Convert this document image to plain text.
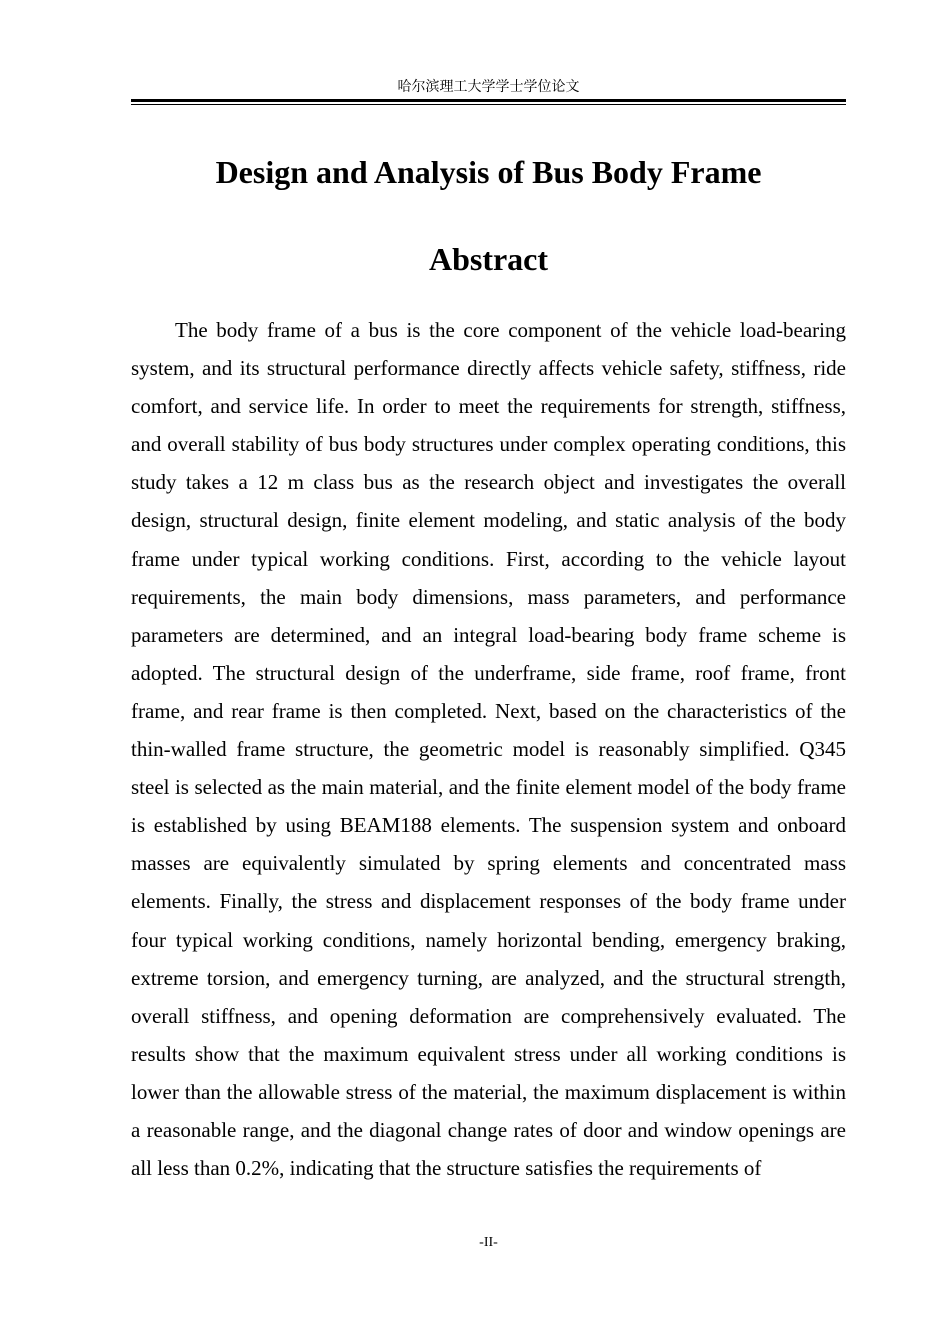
哈尔滨理工大学学士学位论文
Design and Analysis of Bus Body Frame
Abstract

The body frame of a bus is the core component of the vehicle load-bearing system, and its structural performance directly affects vehicle safety, stiffness, ride comfort, and service life. In order to meet the requirements for strength, stiffness, and overall stability of bus body structures under complex operating conditions, this study takes a 12 m class bus as the research object and investigates the overall design, structural design, finite element modeling, and static analysis of the body frame under typical working conditions. First, according to the vehicle layout requirements, the main body dimensions, mass parameters, and performance parameters are determined, and an integral load-bearing body frame scheme is adopted. The structural design of the underframe, side frame, roof frame, front frame, and rear frame is then completed. Next, based on the characteristics of the thin-walled frame structure, the geometric model is reasonably simplified. Q345 steel is selected as the main material, and the finite element model of the body frame is established by using BEAM188 elements. The suspension system and onboard masses are equivalently simulated by spring elements and concentrated mass elements. Finally, the stress and displacement responses of the body frame under four typical working conditions, namely horizontal bending, emergency braking, extreme torsion, and emergency turning, are analyzed, and the structural strength, overall stiffness, and opening deformation are comprehensively evaluated. The results show that the maximum equivalent stress under all working conditions is lower than the allowable stress of the material, the maximum displacement is within a reasonable range, and the diagonal change rates of door and window openings are all less than 0.2%, indicating that the structure satisfies the requirements of

-II-
